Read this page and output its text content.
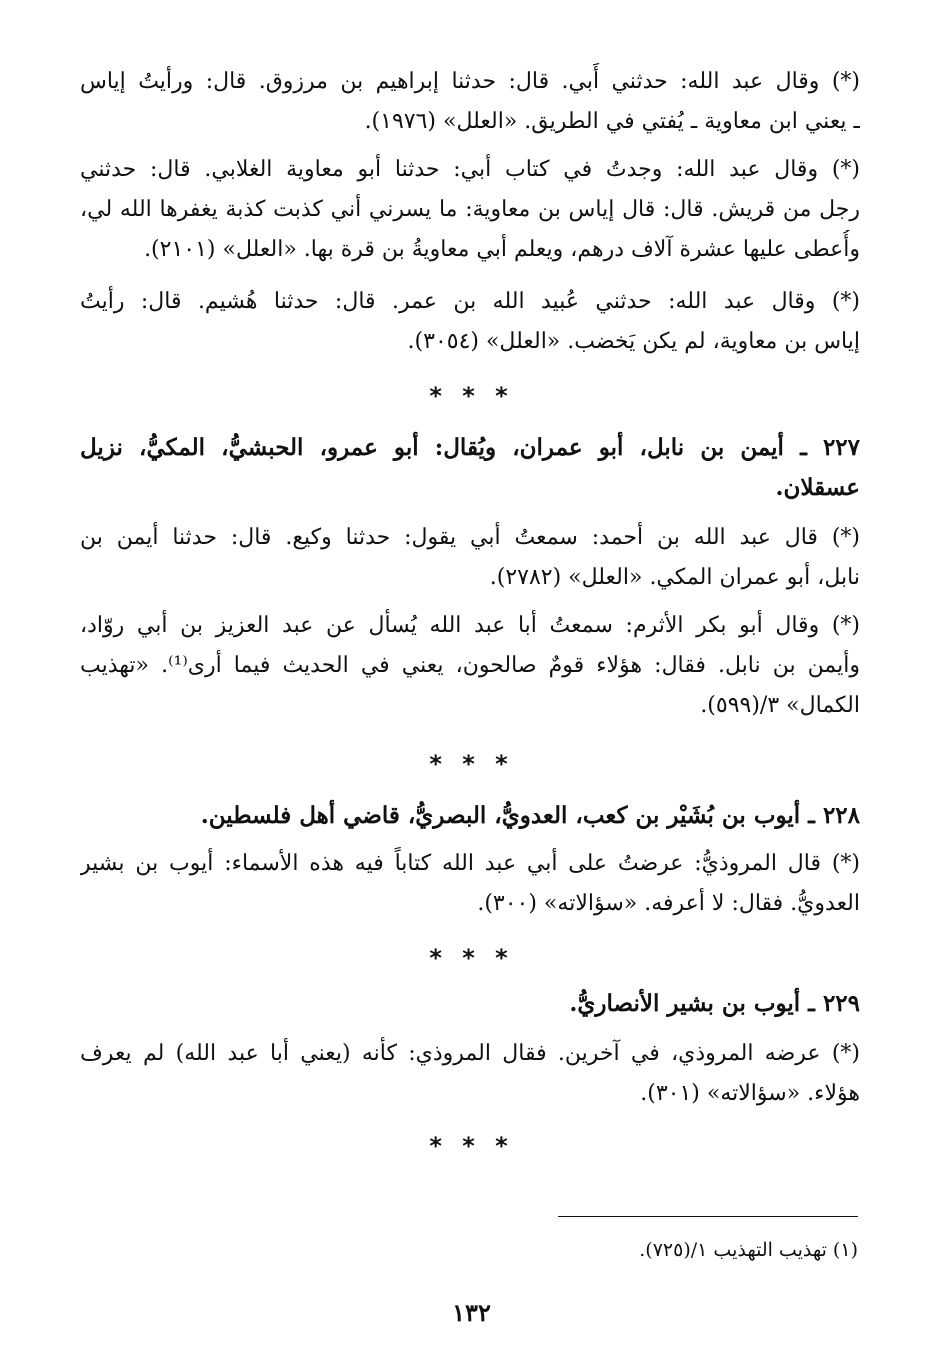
(*) وقال عبد الله: حدثني أَبي. قال: حدثنا إبراهيم بن مرزوق. قال: ورأيتُ إياس
ـ يعني ابن معاوية ـ يُفتي في الطريق. «العلل» (١٩٧٦).
(*) وقال عبد الله: وجدتُ في كتاب أبي: حدثنا أبو معاوية الغلابي. قال: حدثني
رجل من قريش. قال: قال إياس بن معاوية: ما يسرني أني كذبت كذبة يغفرها الله لي،
وأُعطى عليها عشرة آلاف درهم، ويعلم أبي معاويةُ بن قرة بها. «العلل» (٢١٠١).
(*) وقال عبد الله: حدثني عُبيد الله بن عمر. قال: حدثنا هُشيم. قال: رأيتُ
إياس بن معاوية، لم يكن يَخضب. «العلل» (٣٠٥٤).
* * *
٢٢٧ ـ أيمن بن نابل، أبو عمران، ويُقال: أبو عمرو، الحبشيُّ، المكيُّ، نزيل
عسقلان.
(*) قال عبد الله بن أحمد: سمعتُ أبي يقول: حدثنا وكيع. قال: حدثنا أيمن بن
نابل، أبو عمران المكي. «العلل» (٢٧٨٢).
(*) وقال أبو بكر الأثرم: سمعتُ أبا عبد الله يُسأل عن عبد العزيز بن أبي روّاد،
وأيمن بن نابل. فقال: هؤلاء قومٌ صالحون، يعني في الحديث فيما أرى⁽¹⁾. «تهذيب
الكمال» ٣/(٥٩٩).
* * *
٢٢٨ ـ أيوب بن بُشَيْر بن كعب، العدويُّ، البصريُّ، قاضي أهل فلسطين.
(*) قال المروذيُّ: عرضتُ على أبي عبد الله كتاباً فيه هذه الأسماء: أيوب بن بشير
العدويُّ. فقال: لا أعرفه. «سؤالاته» (٣٠٠).
* * *
٢٢٩ ـ أيوب بن بشير الأنصاريُّ.
(*) عرضه المروذي، في آخرين. فقال المروذي: كأنه (يعني أبا عبد الله) لم يعرف
هؤلاء. «سؤالاته» (٣٠١).
* * *
(١) تهذيب التهذيب ١/(٧٢٥).
١٣٢
